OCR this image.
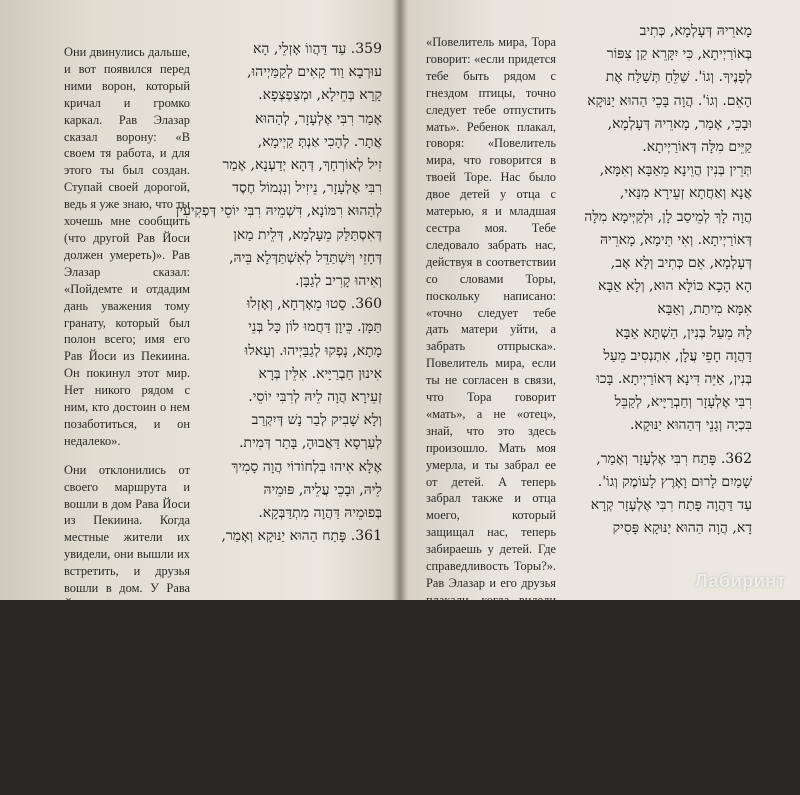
Они двинулись дальше, и вот появился перед ними ворон, который кричал и громко каркал. Рав Элазар сказал ворону: «В своем тя работа, и для этого ты был создан. Ступай своей дорогой, ведь я уже знаю, что ты хочешь мне сообщить (что другой Рав Йоси должен умереть)». Рав Элазар сказал: «Пойдемте и отдадим дань уважения тому гранату, который был полон всего; имя его Рав Йоси из Пекиина. Он покинул этот мир. Нет никого рядом с ним, кто достоин о нем позаботиться, и он недалеко».

Они отклонились от своего маршрута и вошли в дом Рава Йоси из Пекиина. Когда местные жители их увидели, они вышли их встретить, и друзья вошли в дом. У Рава Йоси был маленький сын, который не разрешал никому подойти к кровати отца после его смерти. Он сам то по себе, оплакивая смерть отца, прижимаясь губами к губам.

Ребенок начал говорить и сказал:

359. עַד דַּהֲווֹ אָזְלֵי, הָא
עוּרְבָא וַוד קָאִים לְקַמַּיְיהוּ,
קָרָא בְּחֵילָא, וּמְצַפְצְפָא.
אָמַר רִבִּי אֶלְעָזָר, לְהַהוּא
אֲתָר. לְהָכִי אַנְתְּ קַיְימָא,
זִיל לְאוֹרְחָךְ, דְּהָא יְדַעְנָא, אָמַר
רִבִּי אֶלְעָזָר, נֵיזִיל וְנִגְמוֹל חֶסֶד
לְהַהוּא רִמּוֹנָא, דִּשְׁמֵיהּ רִבִּי יוֹסֵי דְּפְקִיעִין
דְּאִסְתַּלַּק מֵעָלְמָא, דְּלֵית מַאן
דְּחָזֵי וְיִשְׁתַּדֵּל לְאִשְׁתַּדְּלָא בֵּיהּ,
וְאִיהוּ קָרִיב לְגַבָּן.
360. סָטוּ מֵאָרְחָא, וְאָזְלוּ
תַּמָּן. כֵּיוָן דַּחֲמוּ לוֹן כָּל בְּנֵי
מָתָא, נָפְקוּ לְגַבַּיְיהוּ. וְעָאלוּ
אִינוּן חַבְרַיָּיא. אִלֵּין בְּרָא
זְעֵירָא הֲוָה לֵיהּ לְרִבִּי יוֹסֵי.
וְלָא שָׁבִיק לְבַר נָשׁ דְּיִקְרַב
לְעַרְסָא דַּאֲבוּהָ, בָּתַר דְּמִית.
אֶלָּא אִיהוּ בִּלְחוֹדוֹי הֲוָה סָמִיךְ
לֵיהּ, וּבָכֵי עֲלֵיהּ, פּוּמֵיהּ
בְּפוּמֵיהּ דַּהֲוָה מִתְדַּבְּקָא.
361. פָּתַח הַהוּא יַנּוּקָא וְאָמַר,

«Повелитель мира, Тора говорит: «если придется тебе быть рядом с гнездом птицы, точно следует тебе отпустить мать». Ребенок плакал, говоря: «Повелитель мира, что говорится в твоей Торе. Нас было двое детей у отца с матерью, я и младшая сестра моя. Тебе следовало забрать нас, действуя в соответствии со словами Торы, поскольку написано: «точно следует тебе дать матери уйти, а забрать отпрыска». Повелитель мира, если ты не согласен в связи, что Тора говорит «мать», а не «отец», знай, что это здесь произошло. Мать моя умерла, и ты забрал ее от детей. А теперь забрал также и отца моего, который защищал нас, теперь забираешь у детей. Где справедливость Торы?». Рав Элазар и его друзья плакали, когда видели горечь и слезы ребенка.

Рав Элазар начал говорить словами стиха: «Небеса для высоты, а земля для глубины». Когда Рав Элазар произносил эти

מָארֵיהּ דְּעָלְמָא, כְּתִיב
בְּאוֹרַיְיתָא, כִּי יִקָּרֵא קַן צִפּוֹר
לְפָנֶיךָ. וְגוֹ'. שַׁלֵּחַ תְּשַׁלַּח אֶת
הָאֵם. וְגוֹ'. הֲוָה בָּכֵי הַהוּא יַנּוּקָא
וּבָכֵי, אָמַר, מָארֵיהּ דְּעָלְמָא,
קַיֵּים מִלָּה דְּאוֹרַיְיתָא.
תְּרֵין בְּנִין הֲוֵינָא מֵאַבָּא וְאִמָּא,
אֲנָא וְאַחֲתָא זְעֵירָא מִנַּאי,
הֲוָה לָךְ לְמֵיסַב לָן, וּלְקַיְּימָא מִלָּה
דְּאוֹרַיְיתָא. וְאִי תֵּימָא, מָארֵיהּ
דְּעָלְמָא, אֵם כְּתִיב וְלָא אָב,
הָא הָכָא כּוֹלָּא הוּא, וְלָא אַבָּא
אִמָּא מִיתַת, וְאַבָּא
לָהּ מֵעַל בְּנִין, הַשְׁתָּא אַבָּא
דַּהֲוָה חָפֵי עֲלָן, אִתְנְסִיב מֵעַל
בְּנִין, אַיֵּה דִּינָא דְּאוֹרַיְיתָא. בָּכוּ
רִבִּי אֶלְעָזָר וְחַבְרַיָּיא, לְקַבֵּל
בִּכְיָה וְגָנֵי דְּהַהוּא יַנּוּקָא.
362. פָּתַח רִבִּי אֶלְעָזָר וְאָמַר,
שָׁמַיִם לָרוּם וָאָרֶץ לָעוֹמֶק וְגוֹ'.
עַד דַּהֲוָה פָּתַח רִבִּי אֶלְעָזָר קְרָא
דָא, הֲוָה הַהוּא יַנּוּקָא פָּסִיק
Лабиринт
